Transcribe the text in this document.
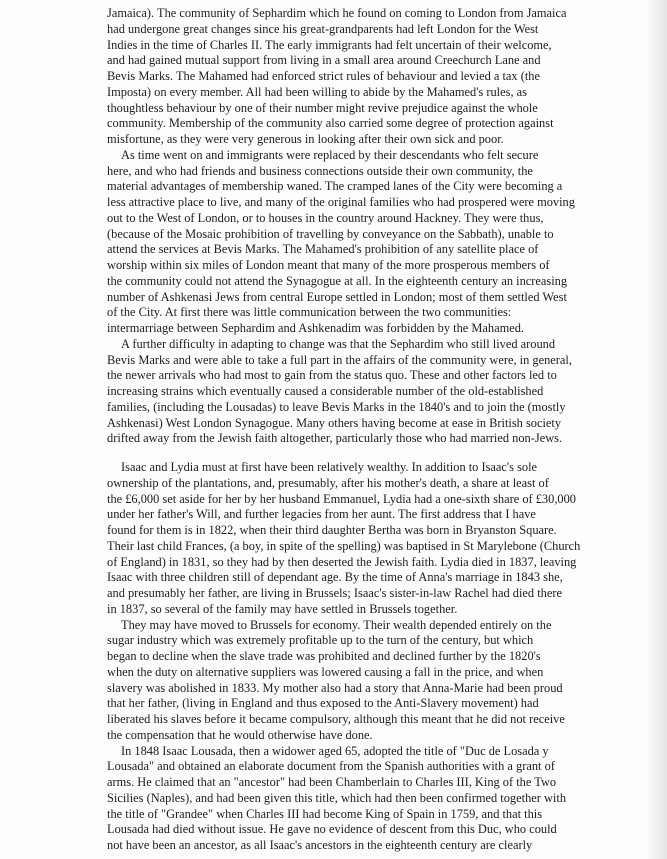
Jamaica). The community of Sephardim which he found on coming to London from Jamaica
had undergone great changes since his great-grandparents had left London for the West
Indies in the time of Charles II. The early immigrants had felt uncertain of their welcome,
and had gained mutual support from living in a small area around Creechurch Lane and
Bevis Marks. The Mahamed had enforced strict rules of behaviour and levied a tax (the
Imposta) on every member. All had been willing to abide by the Mahamed's rules, as
thoughtless behaviour by one of their number might revive prejudice against the whole
community. Membership of the community also carried some degree of protection against
misfortune, as they were very generous in looking after their own sick and poor.

As time went on and immigrants were replaced by their descendants who felt secure
here, and who had friends and business connections outside their own community, the
material advantages of membership waned. The cramped lanes of the City were becoming a
less attractive place to live, and many of the original families who had prospered were moving
out to the West of London, or to houses in the country around Hackney. They were thus,
(because of the Mosaic prohibition of travelling by conveyance on the Sabbath), unable to
attend the services at Bevis Marks. The Mahamed's prohibition of any satellite place of
worship within six miles of London meant that many of the more prosperous members of
the community could not attend the Synagogue at all. In the eighteenth century an increasing
number of Ashkenasi Jews from central Europe settled in London; most of them settled West
of the City. At first there was little communication between the two communities:
intermarriage between Sephardim and Ashkenadim was forbidden by the Mahamed.

A further difficulty in adapting to change was that the Sephardim who still lived around
Bevis Marks and were able to take a full part in the affairs of the community were, in general,
the newer arrivals who had most to gain from the status quo. These and other factors led to
increasing strains which eventually caused a considerable number of the old-established
families, (including the Lousadas) to leave Bevis Marks in the 1840's and to join the (mostly
Ashkenasi) West London Synagogue. Many others having become at ease in British society
drifted away from the Jewish faith altogether, particularly those who had married non-Jews.

Isaac and Lydia must at first have been relatively wealthy. In addition to Isaac's sole
ownership of the plantations, and, presumably, after his mother's death, a share at least of
the £6,000 set aside for her by her husband Emmanuel, Lydia had a one-sixth share of £30,000
under her father's Will, and further legacies from her aunt. The first address that I have
found for them is in 1822, when their third daughter Bertha was born in Bryanston Square.
Their last child Frances, (a boy, in spite of the spelling) was baptised in St Marylebone (Church
of England) in 1831, so they had by then deserted the Jewish faith. Lydia died in 1837, leaving
Isaac with three children still of dependant age. By the time of Anna's marriage in 1843 she,
and presumably her father, are living in Brussels; Isaac's sister-in-law Rachel had died there
in 1837, so several of the family may have settled in Brussels together.

They may have moved to Brussels for economy. Their wealth depended entirely on the
sugar industry which was extremely profitable up to the turn of the century, but which
began to decline when the slave trade was prohibited and declined further by the 1820's
when the duty on alternative suppliers was lowered causing a fall in the price, and when
slavery was abolished in 1833. My mother also had a story that Anna-Marie had been proud
that her father, (living in England and thus exposed to the Anti-Slavery movement) had
liberated his slaves before it became compulsory, although this meant that he did not receive
the compensation that he would otherwise have done.

In 1848 Isaac Lousada, then a widower aged 65, adopted the title of "Duc de Losada y
Lousada" and obtained an elaborate document from the Spanish authorities with a grant of
arms. He claimed that an "ancestor" had been Chamberlain to Charles III, King of the Two
Sicilies (Naples), and had been given this title, which had then been confirmed together with
the title of "Grandee" when Charles III had become King of Spain in 1759, and that this
Lousada had died without issue. He gave no evidence of descent from this Duc, who could
not have been an ancestor, as all Isaac's ancestors in the eighteenth century are clearly
